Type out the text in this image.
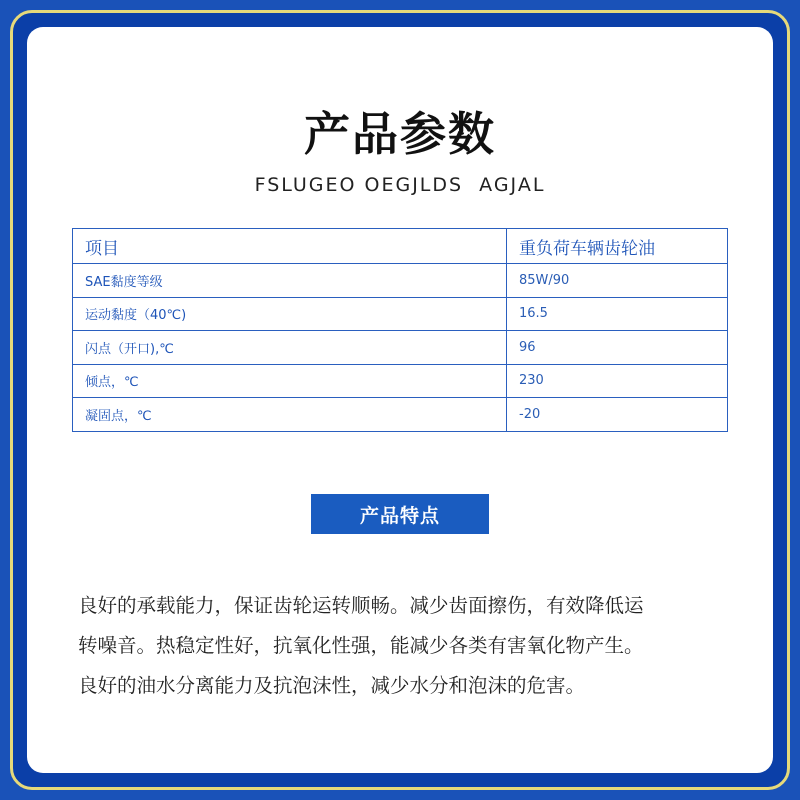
产品参数
FSLUGEO OEGJLDS  AGJAL
项目	重负荷车辆齿轮油
SAE黏度等级	85W/90
运动黏度（40℃)	16.5
闪点（开口),℃	96
倾点，℃	230
凝固点，℃	-20
产品特点
良好的承载能力，保证齿轮运转顺畅。减少齿面擦伤，有效降低运
转噪音。热稳定性好，抗氧化性强，能减少各类有害氧化物产生。
良好的油水分离能力及抗泡沫性，减少水分和泡沫的危害。
